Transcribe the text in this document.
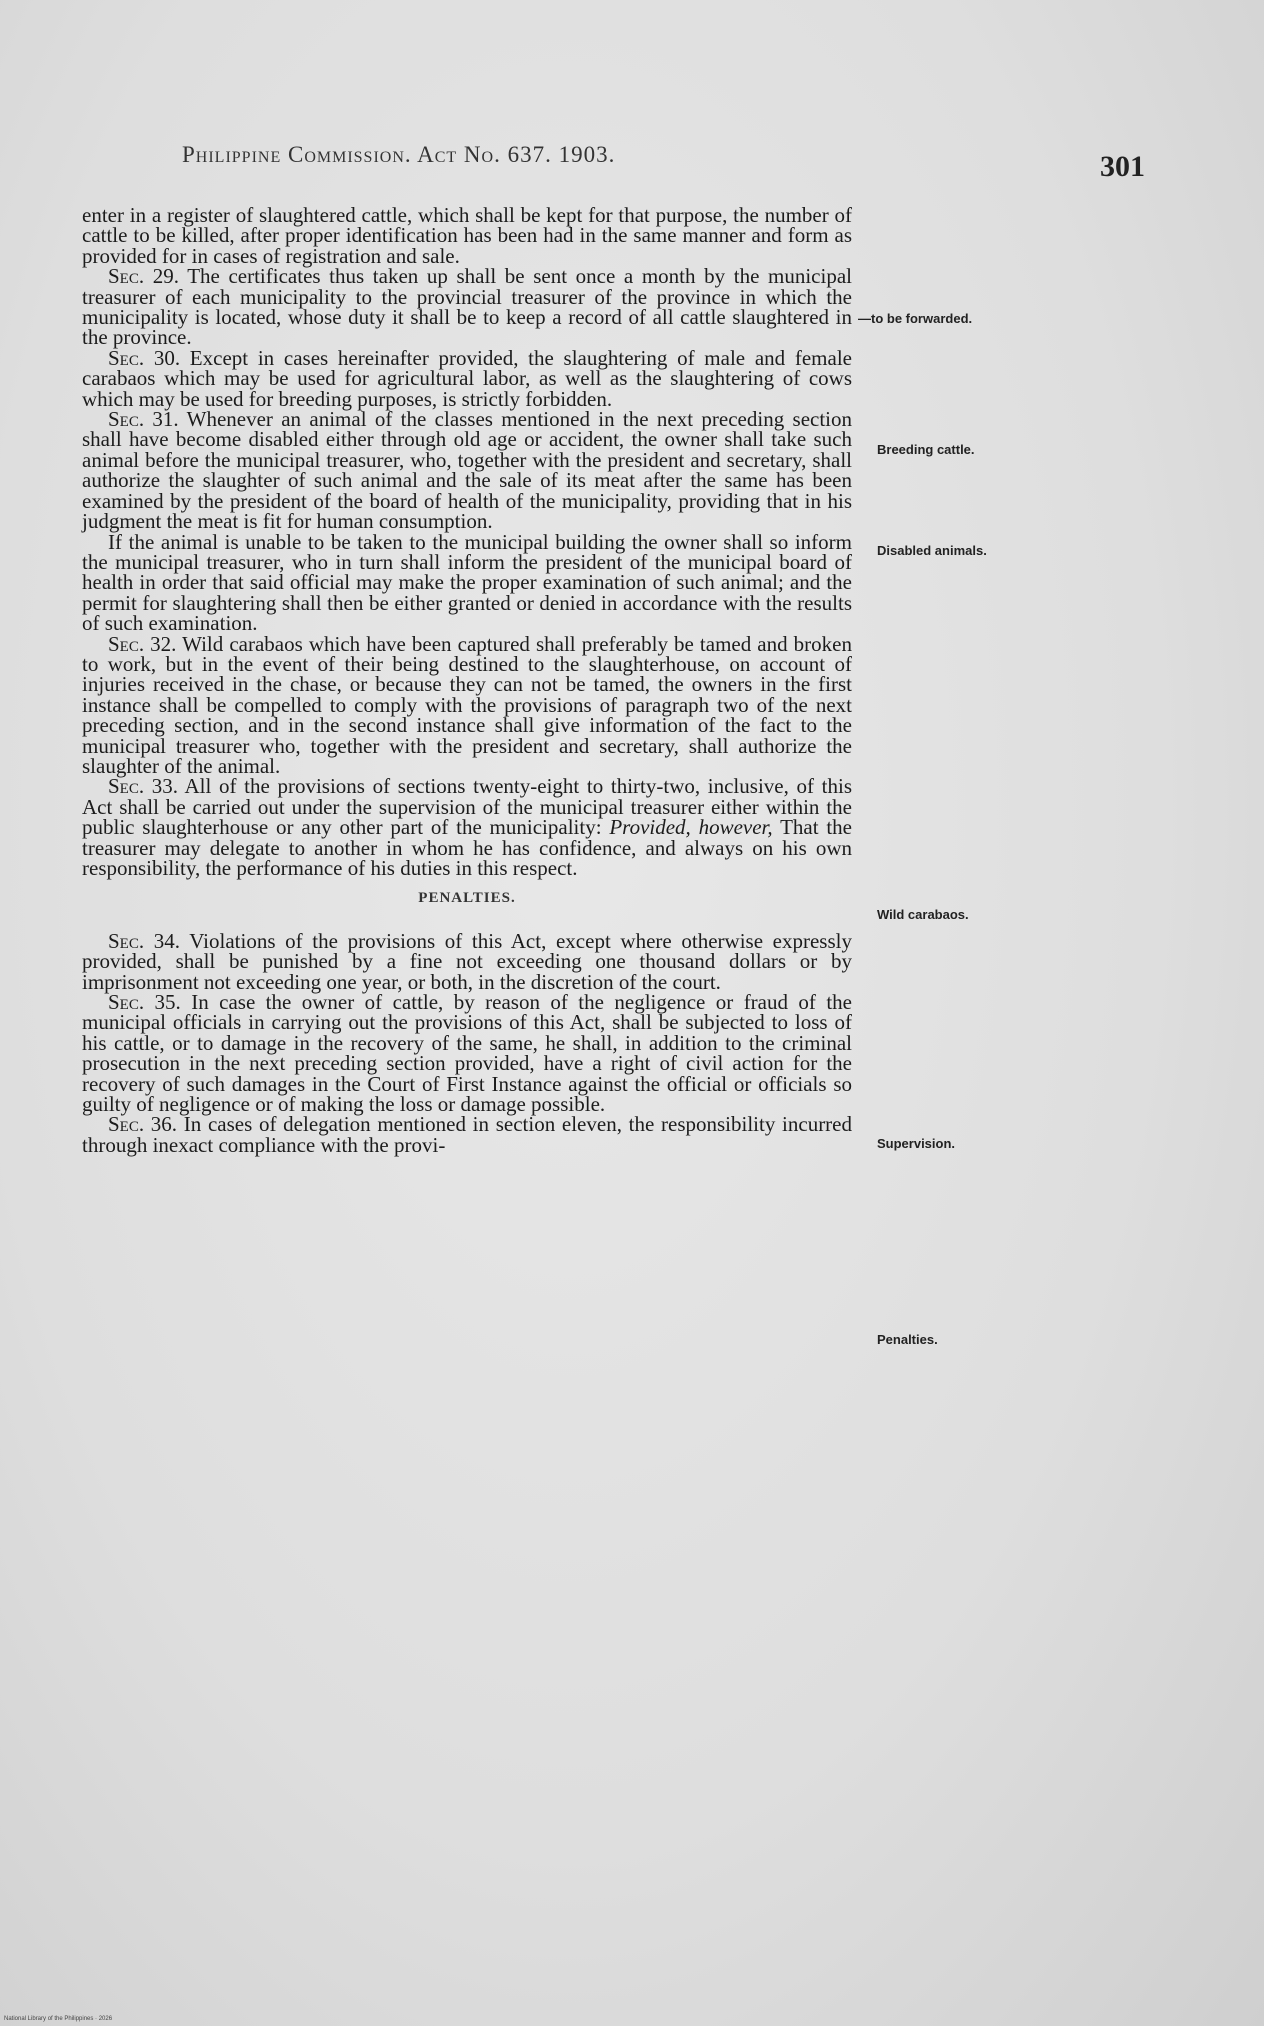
Philippine Commission. Act No. 637. 1903.	301

enter in a register of slaughtered cattle, which shall be kept for that purpose, the number of cattle to be killed, after proper identification has been had in the same manner and form as provided for in cases of registration and sale.

Sec. 29. The certificates thus taken up shall be sent once a month by the municipal treasurer of each municipality to the provincial treasurer of the province in which the municipality is located, whose duty it shall be to keep a record of all cattle slaughtered in the province.

Sec. 30. Except in cases hereinafter provided, the slaughtering of male and female carabaos which may be used for agricultural labor, as well as the slaughtering of cows which may be used for breeding purposes, is strictly forbidden.

Sec. 31. Whenever an animal of the classes mentioned in the next preceding section shall have become disabled either through old age or accident, the owner shall take such animal before the municipal treasurer, who, together with the president and secretary, shall authorize the slaughter of such animal and the sale of its meat after the same has been examined by the president of the board of health of the municipality, providing that in his judgment the meat is fit for human consumption.

If the animal is unable to be taken to the municipal building the owner shall so inform the municipal treasurer, who in turn shall inform the president of the municipal board of health in order that said official may make the proper examination of such animal; and the permit for slaughtering shall then be either granted or denied in accordance with the results of such examination.

Sec. 32. Wild carabaos which have been captured shall preferably be tamed and broken to work, but in the event of their being destined to the slaughterhouse, on account of injuries received in the chase, or because they can not be tamed, the owners in the first instance shall be compelled to comply with the provisions of paragraph two of the next preceding section, and in the second instance shall give information of the fact to the municipal treasurer who, together with the president and secretary, shall authorize the slaughter of the animal.

Sec. 33. All of the provisions of sections twenty-eight to thirty-two, inclusive, of this Act shall be carried out under the supervision of the municipal treasurer either within the public slaughterhouse or any other part of the municipality: Provided, however, That the treasurer may delegate to another in whom he has confidence, and always on his own responsibility, the performance of his duties in this respect.

PENALTIES.

Sec. 34. Violations of the provisions of this Act, except where otherwise expressly provided, shall be punished by a fine not exceeding one thousand dollars or by imprisonment not exceeding one year, or both, in the discretion of the court.

Sec. 35. In case the owner of cattle, by reason of the negligence or fraud of the municipal officials in carrying out the provisions of this Act, shall be subjected to loss of his cattle, or to damage in the recovery of the same, he shall, in addition to the criminal prosecution in the next preceding section provided, have a right of civil action for the recovery of such damages in the Court of First Instance against the official or officials so guilty of negligence or of making the loss or damage possible.

Sec. 36. In cases of delegation mentioned in section eleven, the responsibility incurred through inexact compliance with the provi-

—to be forwarded.
Breeding cattle.
Disabled animals.
Wild carabaos.
Supervision.
Penalties.
National Library of the Philippines · 2026
